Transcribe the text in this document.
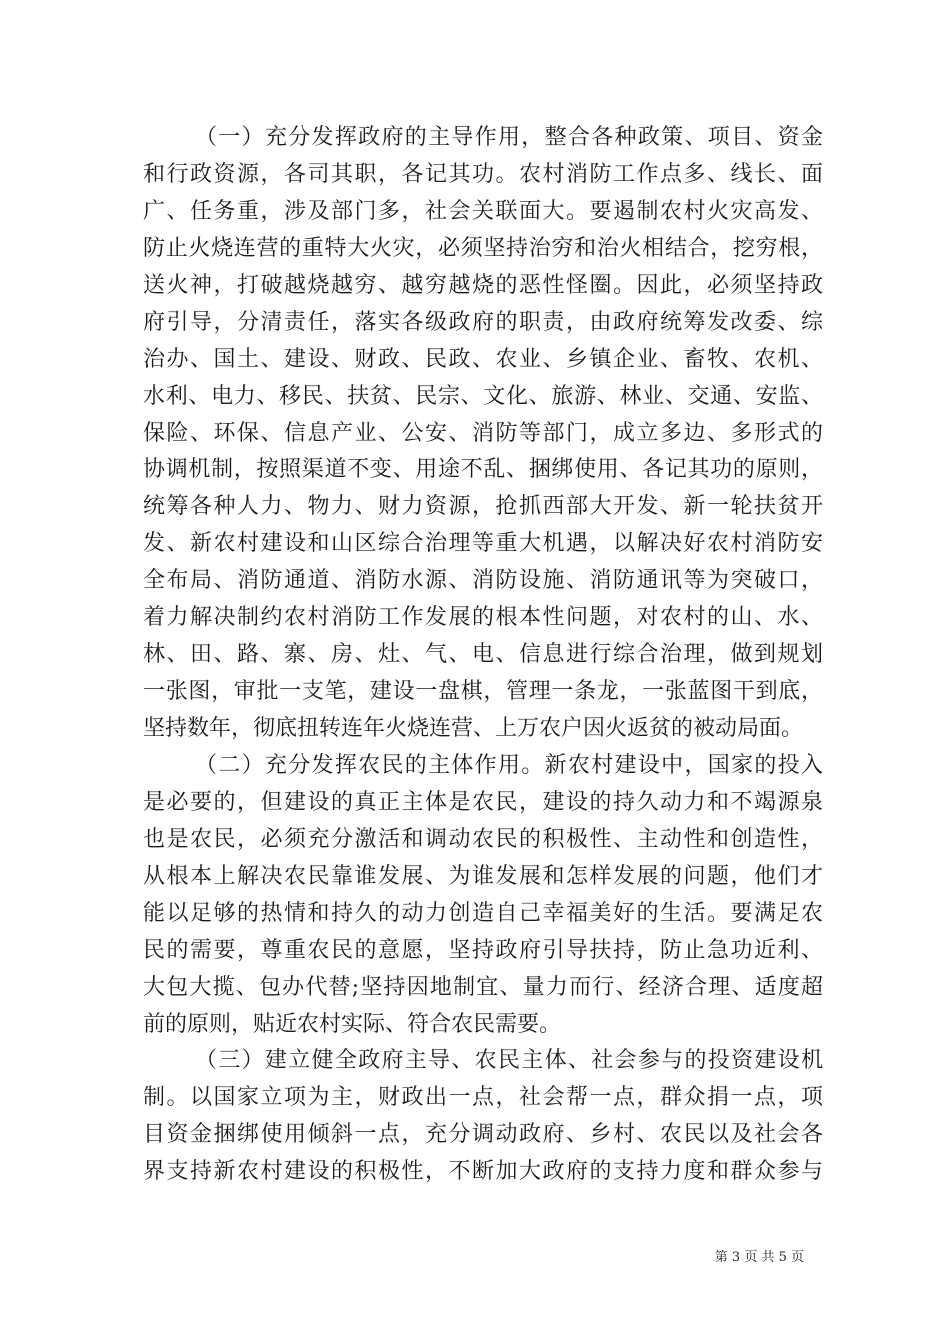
（一）充分发挥政府的主导作用，整合各种政策、项目、资金
和行政资源，各司其职，各记其功。农村消防工作点多、线长、面
广、任务重，涉及部门多，社会关联面大。要遏制农村火灾高发、
防止火烧连营的重特大火灾，必须坚持治穷和治火相结合，挖穷根，
送火神，打破越烧越穷、越穷越烧的恶性怪圈。因此，必须坚持政
府引导，分清责任，落实各级政府的职责，由政府统筹发改委、综
治办、国土、建设、财政、民政、农业、乡镇企业、畜牧、农机、
水利、电力、移民、扶贫、民宗、文化、旅游、林业、交通、安监、
保险、环保、信息产业、公安、消防等部门，成立多边、多形式的
协调机制，按照渠道不变、用途不乱、捆绑使用、各记其功的原则，
统筹各种人力、物力、财力资源，抢抓西部大开发、新一轮扶贫开
发、新农村建设和山区综合治理等重大机遇，以解决好农村消防安
全布局、消防通道、消防水源、消防设施、消防通讯等为突破口，
着力解决制约农村消防工作发展的根本性问题，对农村的山、水、
林、田、路、寨、房、灶、气、电、信息进行综合治理，做到规划
一张图，审批一支笔，建设一盘棋，管理一条龙，一张蓝图干到底，
坚持数年，彻底扭转连年火烧连营、上万农户因火返贫的被动局面。
（二）充分发挥农民的主体作用。新农村建设中，国家的投入
是必要的，但建设的真正主体是农民，建设的持久动力和不竭源泉
也是农民，必须充分激活和调动农民的积极性、主动性和创造性，
从根本上解决农民靠谁发展、为谁发展和怎样发展的问题，他们才
能以足够的热情和持久的动力创造自己幸福美好的生活。要满足农
民的需要，尊重农民的意愿，坚持政府引导扶持，防止急功近利、
大包大揽、包办代替;坚持因地制宜、量力而行、经济合理、适度超
前的原则，贴近农村实际、符合农民需要。
（三）建立健全政府主导、农民主体、社会参与的投资建设机
制。以国家立项为主，财政出一点，社会帮一点，群众捐一点，项
目资金捆绑使用倾斜一点，充分调动政府、乡村、农民以及社会各
界支持新农村建设的积极性，不断加大政府的支持力度和群众参与
第 3 页 共 5 页
